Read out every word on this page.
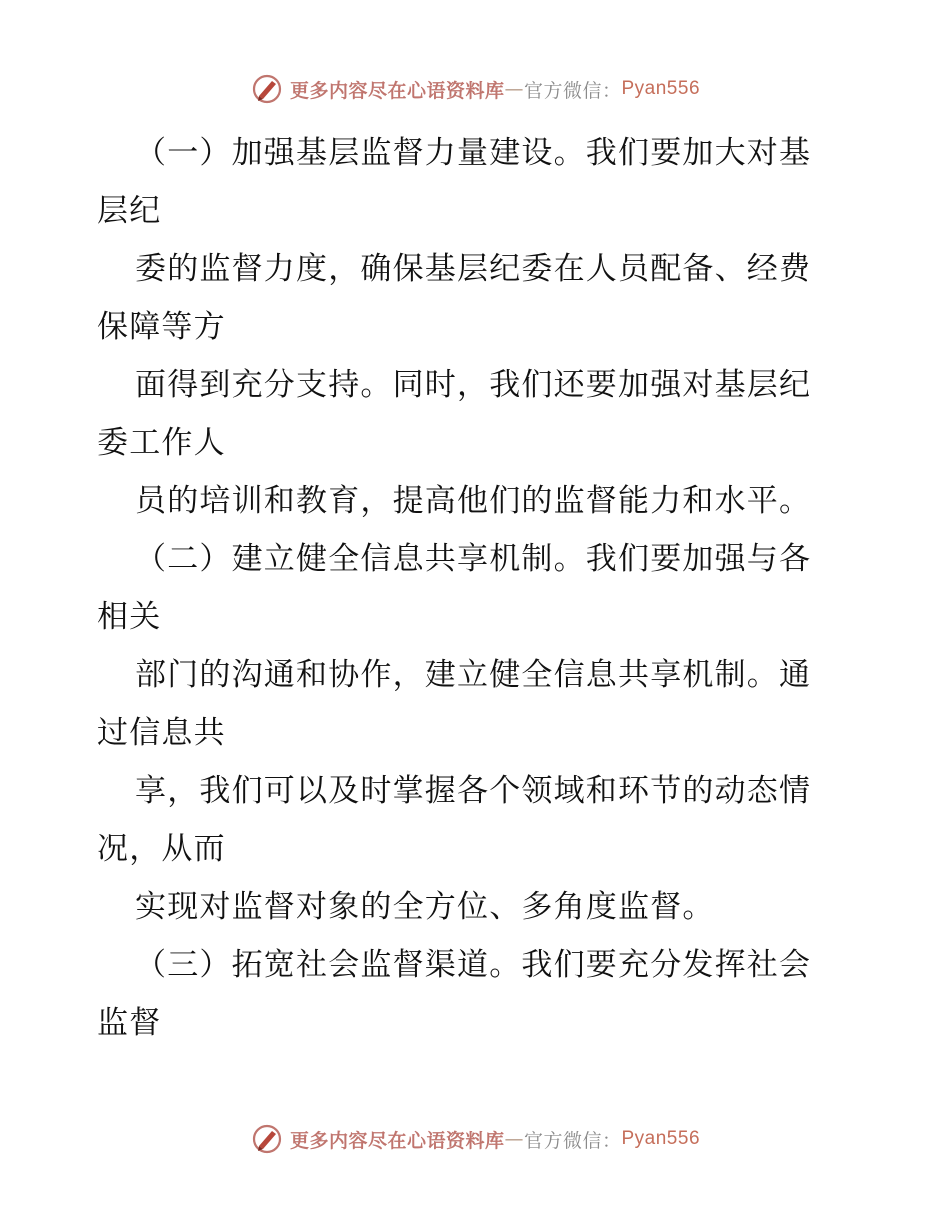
更多内容尽在心语资料库 — 官方微信： Pyan556
（一）加强基层监督力量建设。我们要加大对基
层纪
委的监督力度，确保基层纪委在人员配备、经费
保障等方
面得到充分支持。同时，我们还要加强对基层纪
委工作人
员的培训和教育，提高他们的监督能力和水平。
（二）建立健全信息共享机制。我们要加强与各
相关
部门的沟通和协作，建立健全信息共享机制。通
过信息共
享，我们可以及时掌握各个领域和环节的动态情
况，从而
实现对监督对象的全方位、多角度监督。
（三）拓宽社会监督渠道。我们要充分发挥社会
监督
更多内容尽在心语资料库 — 官方微信： Pyan556
